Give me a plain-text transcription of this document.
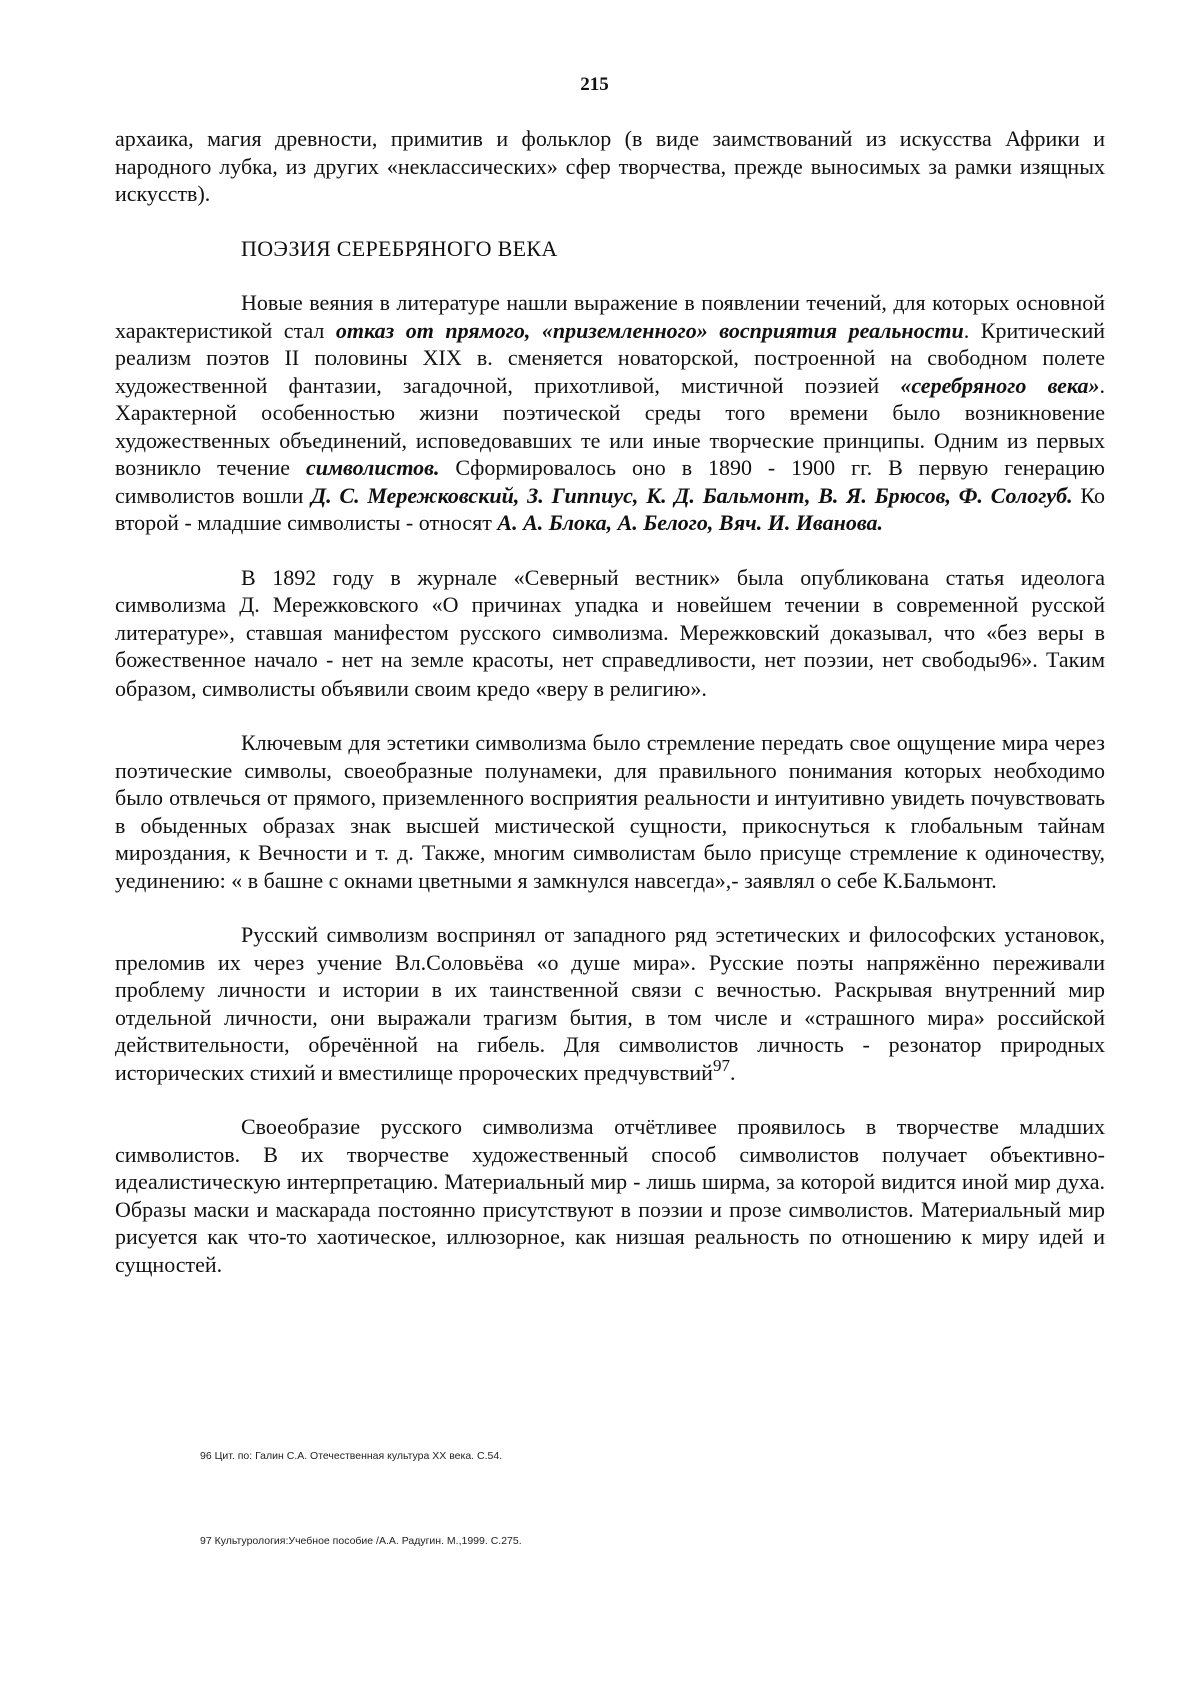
215

архаика, магия древности, примитив и фольклор (в виде заимствований из искусства Африки и народного лубка, из других «неклассических» сфер творчества, прежде выносимых за рамки изящных искусств).

ПОЭЗИЯ СЕРЕБРЯНОГО ВЕКА

Новые веяния в литературе нашли выражение в появлении течений, для которых основной характеристикой стал отказ от прямого, «приземленного» восприятия реальности. Критический реализм поэтов II половины XIX в. сменяется новаторской, построенной на свободном полете художественной фантазии, загадочной, прихотливой, мистичной поэзией «серебряного века». Характерной особенностью жизни поэтической среды того времени было возникновение художественных объединений, исповедовавших те или иные творческие принципы. Одним из первых возникло течение символистов. Сформировалось оно в 1890 - 1900 гг. В первую генерацию символистов вошли Д. С. Мережковский, З. Гиппиус, К. Д. Бальмонт, В. Я. Брюсов, Ф. Сологуб. Ко второй - младшие символисты - относят А. А. Блока, А. Белого, Вяч. И. Иванова.

В 1892 году в журнале «Северный вестник» была опубликована статья идеолога символизма Д. Мережковского «О причинах упадка и новейшем течении в современной русской литературе», ставшая манифестом русского символизма. Мережковский доказывал, что «без веры в божественное начало - нет на земле красоты, нет справедливости, нет поэзии, нет свободы96». Таким образом, символисты объявили своим кредо «веру в религию».

Ключевым для эстетики символизма было стремление передать свое ощущение мира через поэтические символы, своеобразные полунамеки, для правильного понимания которых необходимо было отвлечься от прямого, приземленного восприятия реальности и интуитивно увидеть почувствовать в обыденных образах знак высшей мистической сущности, прикоснуться к глобальным тайнам мироздания, к Вечности и т. д. Также, многим символистам было присуще стремление к одиночеству, уединению: « в башне с окнами цветными я замкнулся навсегда»,- заявлял о себе К.Бальмонт.

Русский символизм воспринял от западного ряд эстетических и философских установок, преломив их через учение Вл.Соловьёва «о душе мира». Русские поэты напряжённо переживали проблему личности и истории в их таинственной связи с вечностью. Раскрывая внутренний мир отдельной личности, они выражали трагизм бытия, в том числе и «страшного мира» российской действительности, обречённой на гибель. Для символистов личность - резонатор природных исторических стихий и вместилище пророческих предчувствий$^{97}$.

Своеобразие русского символизма отчётливее проявилось в творчестве младших символистов. В их творчестве художественный способ символистов получает объективно-идеалистическую интерпретацию. Материальный мир - лишь ширма, за которой видится иной мир духа. Образы маски и маскарада постоянно присутствуют в поэзии и прозе символистов. Материальный мир рисуется как что-то хаотическое, иллюзорное, как низшая реальность по отношению к миру идей и сущностей.

96 Цит. по: Галин С.А. Отечественная культура XX века. С.54.
97 Культурология:Учебное пособие /А.А. Радугин. М.,1999. С.275.
